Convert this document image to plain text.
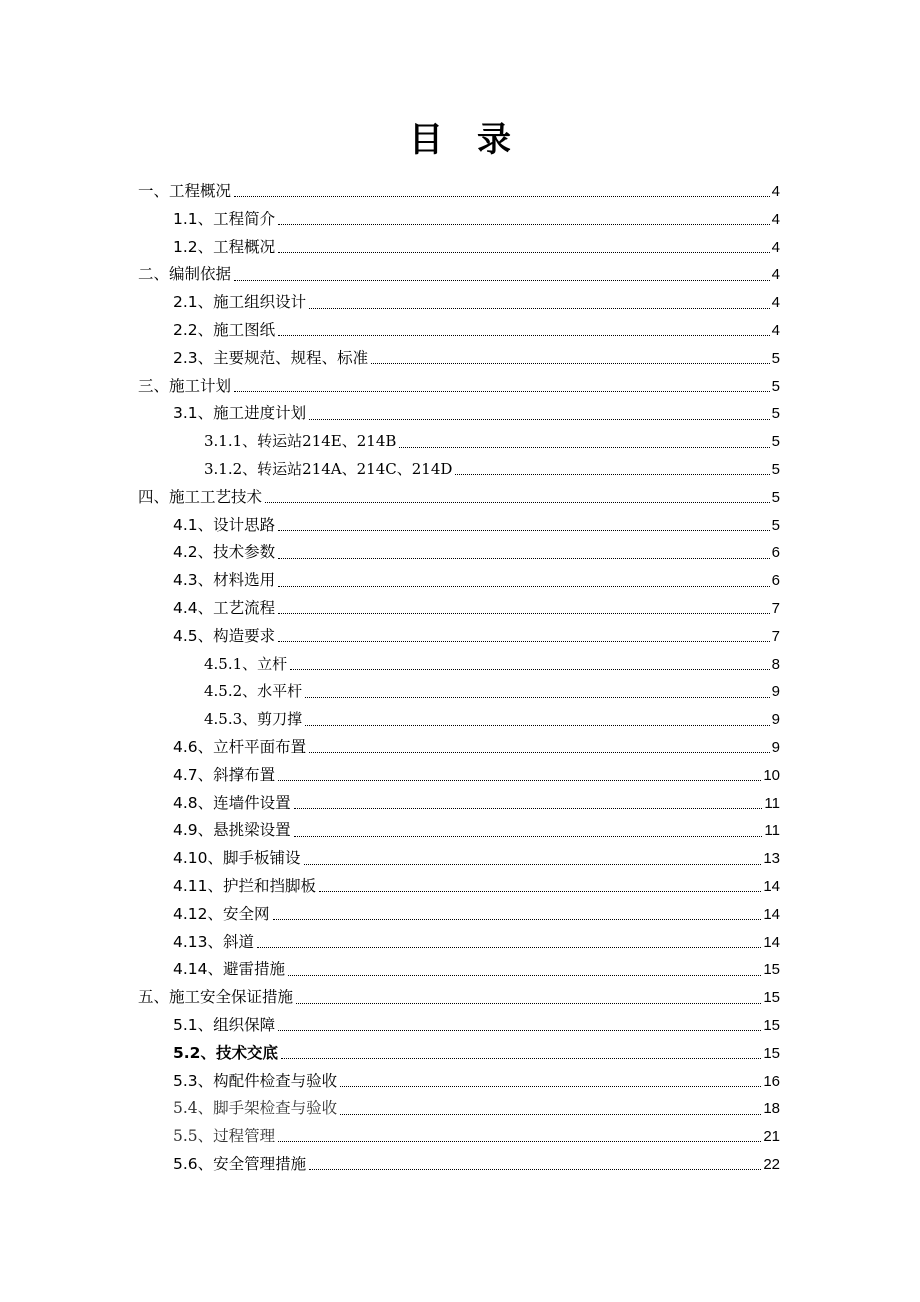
目 录
一、工程概况	4
1.1、工程简介	4
1.2、工程概况	4
二、编制依据	4
2.1、施工组织设计	4
2.2、施工图纸	4
2.3、主要规范、规程、标准	5
三、施工计划	5
3.1、施工进度计划	5
3.1.1、转运站214E、214B	5
3.1.2、转运站214A、214C、214D	5
四、施工工艺技术	5
4.1、设计思路	5
4.2、技术参数	6
4.3、材料选用	6
4.4、工艺流程	7
4.5、构造要求	7
4.5.1、立杆	8
4.5.2、水平杆	9
4.5.3、剪刀撑	9
4.6、立杆平面布置	9
4.7、斜撑布置	10
4.8、连墙件设置	11
4.9、悬挑梁设置	11
4.10、脚手板铺设	13
4.11、护拦和挡脚板	14
4.12、安全网	14
4.13、斜道	14
4.14、避雷措施	15
五、施工安全保证措施	15
5.1、组织保障	15
5.2、技术交底	15
5.3、构配件检查与验收	16
5.4、脚手架检查与验收	18
5.5、过程管理	21
5.6、安全管理措施	22
